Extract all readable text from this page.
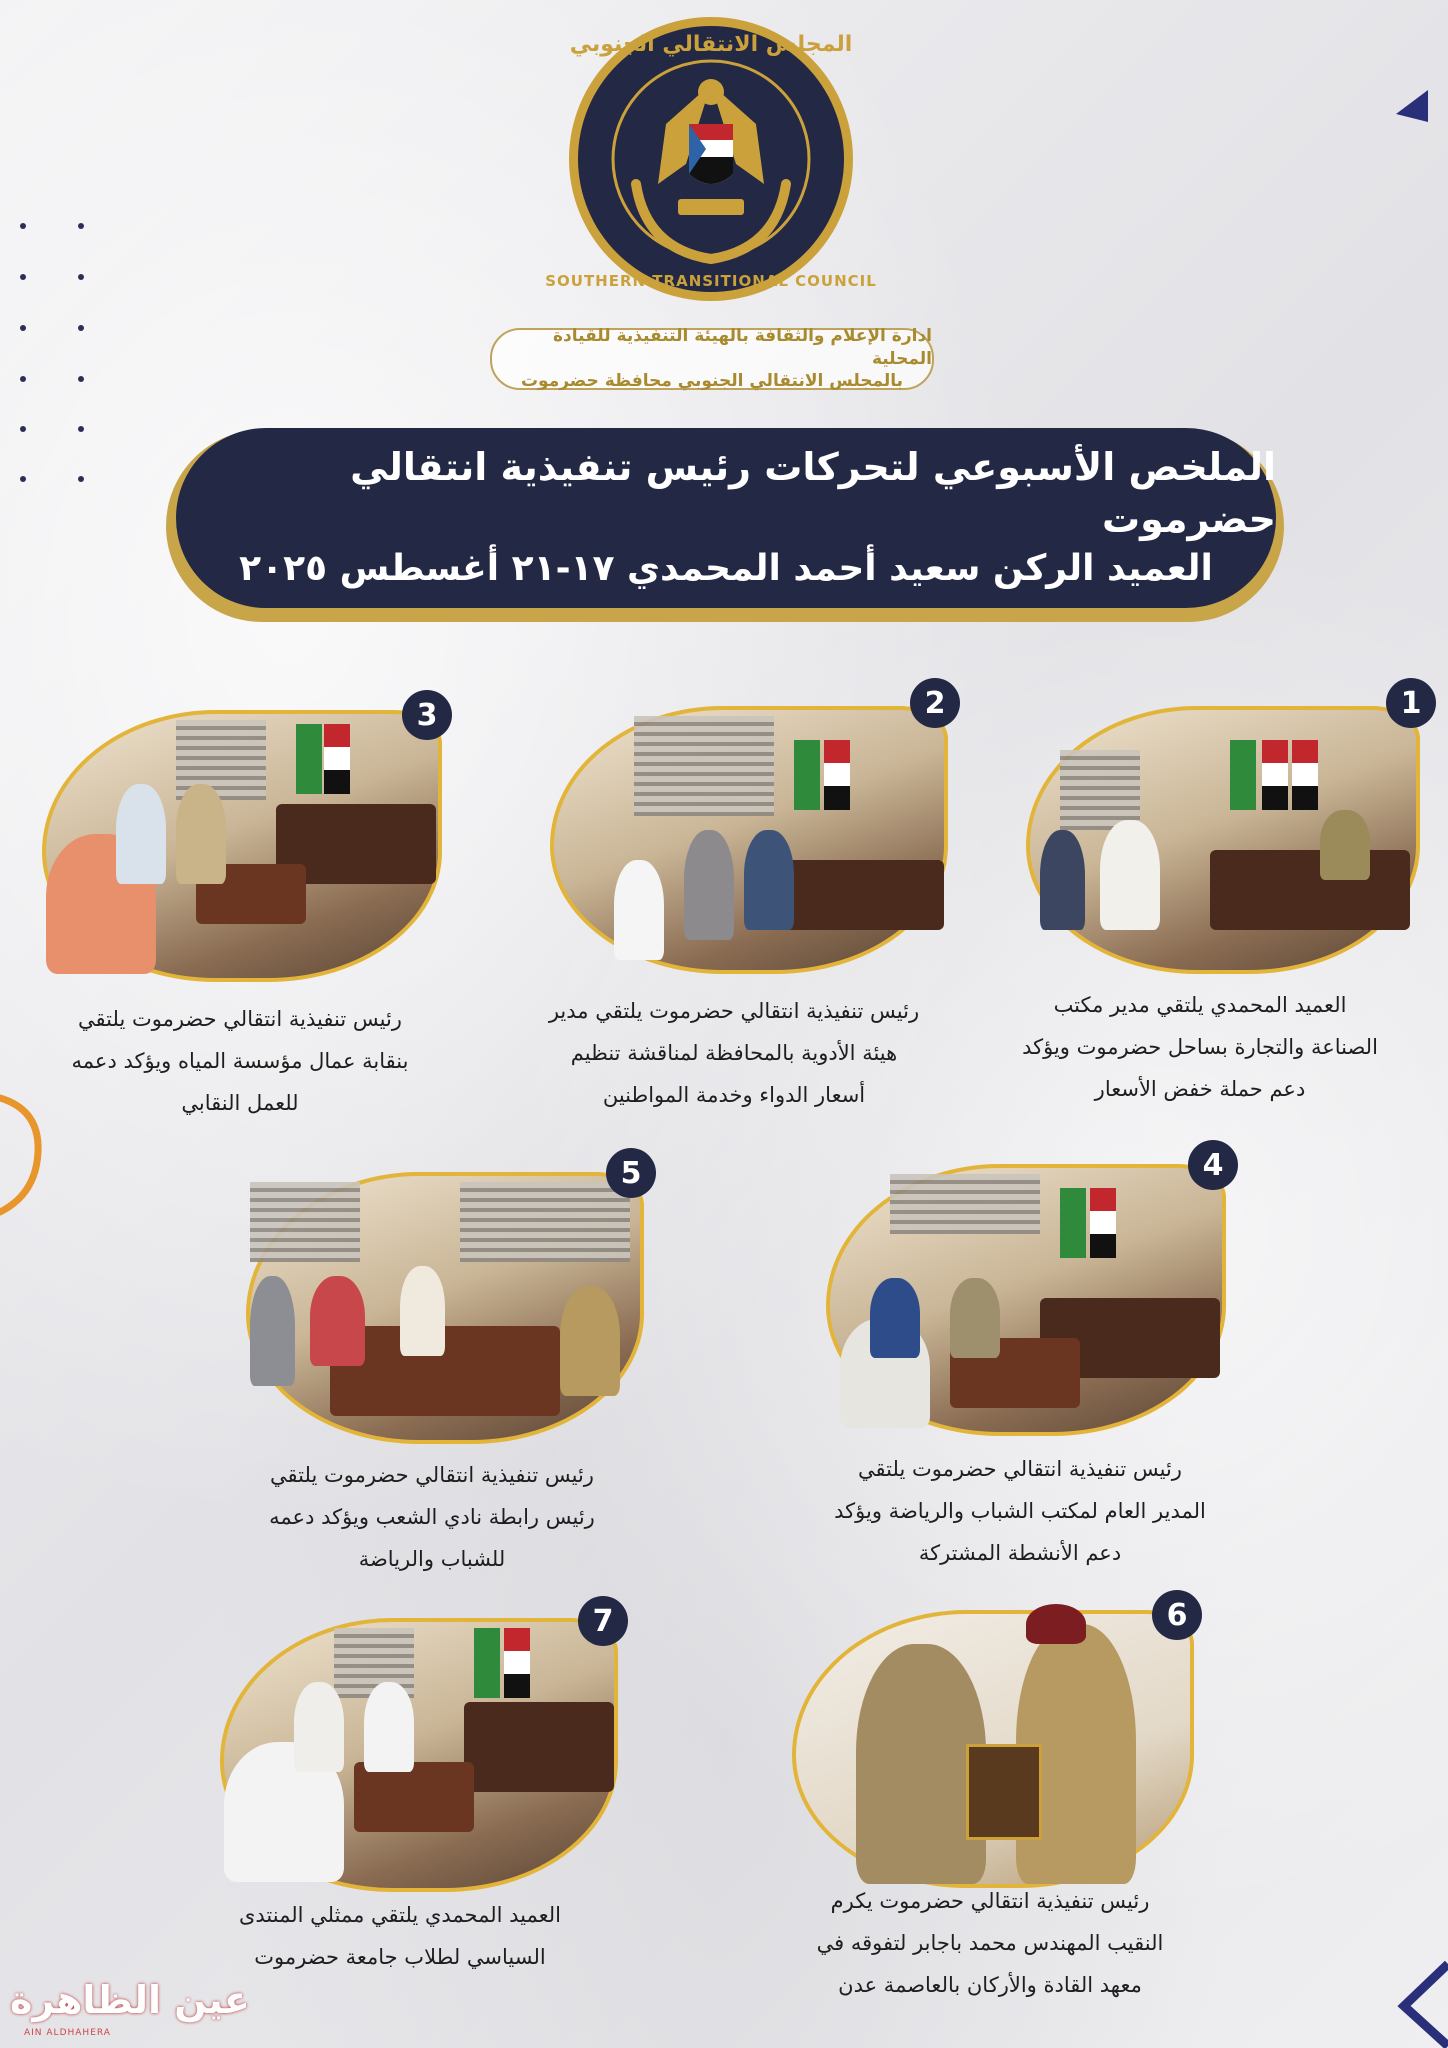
المجلس الانتقالي الجنوبي
SOUTHERN TRANSITIONAL COUNCIL
ادارة الإعلام والثقافة بالهيئة التنفيذية للقيادة المحلية
بالمجلس الانتقالي الجنوبي محافظة حضرموت
الملخص الأسبوعي لتحركات رئيس تنفيذية انتقالي حضرموت
العميد الركن سعيد أحمد المحمدي ١٧-٢١ أغسطس ٢٠٢٥
1
العميد المحمدي يلتقي مدير مكتب
الصناعة والتجارة بساحل حضرموت ويؤكد
دعم حملة خفض الأسعار
2
رئيس تنفيذية انتقالي حضرموت يلتقي مدير
هيئة الأدوية بالمحافظة لمناقشة تنظيم
أسعار الدواء وخدمة المواطنين
3
رئيس تنفيذية انتقالي حضرموت يلتقي
بنقابة عمال مؤسسة المياه ويؤكد دعمه
للعمل النقابي
4
رئيس تنفيذية انتقالي حضرموت يلتقي
المدير العام لمكتب الشباب والرياضة ويؤكد
دعم الأنشطة المشتركة
5
رئيس تنفيذية انتقالي حضرموت يلتقي
رئيس رابطة نادي الشعب ويؤكد دعمه
للشباب والرياضة
6
رئيس تنفيذية انتقالي حضرموت يكرم
النقيب المهندس محمد باجابر لتفوقه في
معهد القادة والأركان بالعاصمة عدن
7
العميد المحمدي يلتقي ممثلي المنتدى
السياسي لطلاب جامعة حضرموت
عين الظاهرة
AIN ALDHAHERA
